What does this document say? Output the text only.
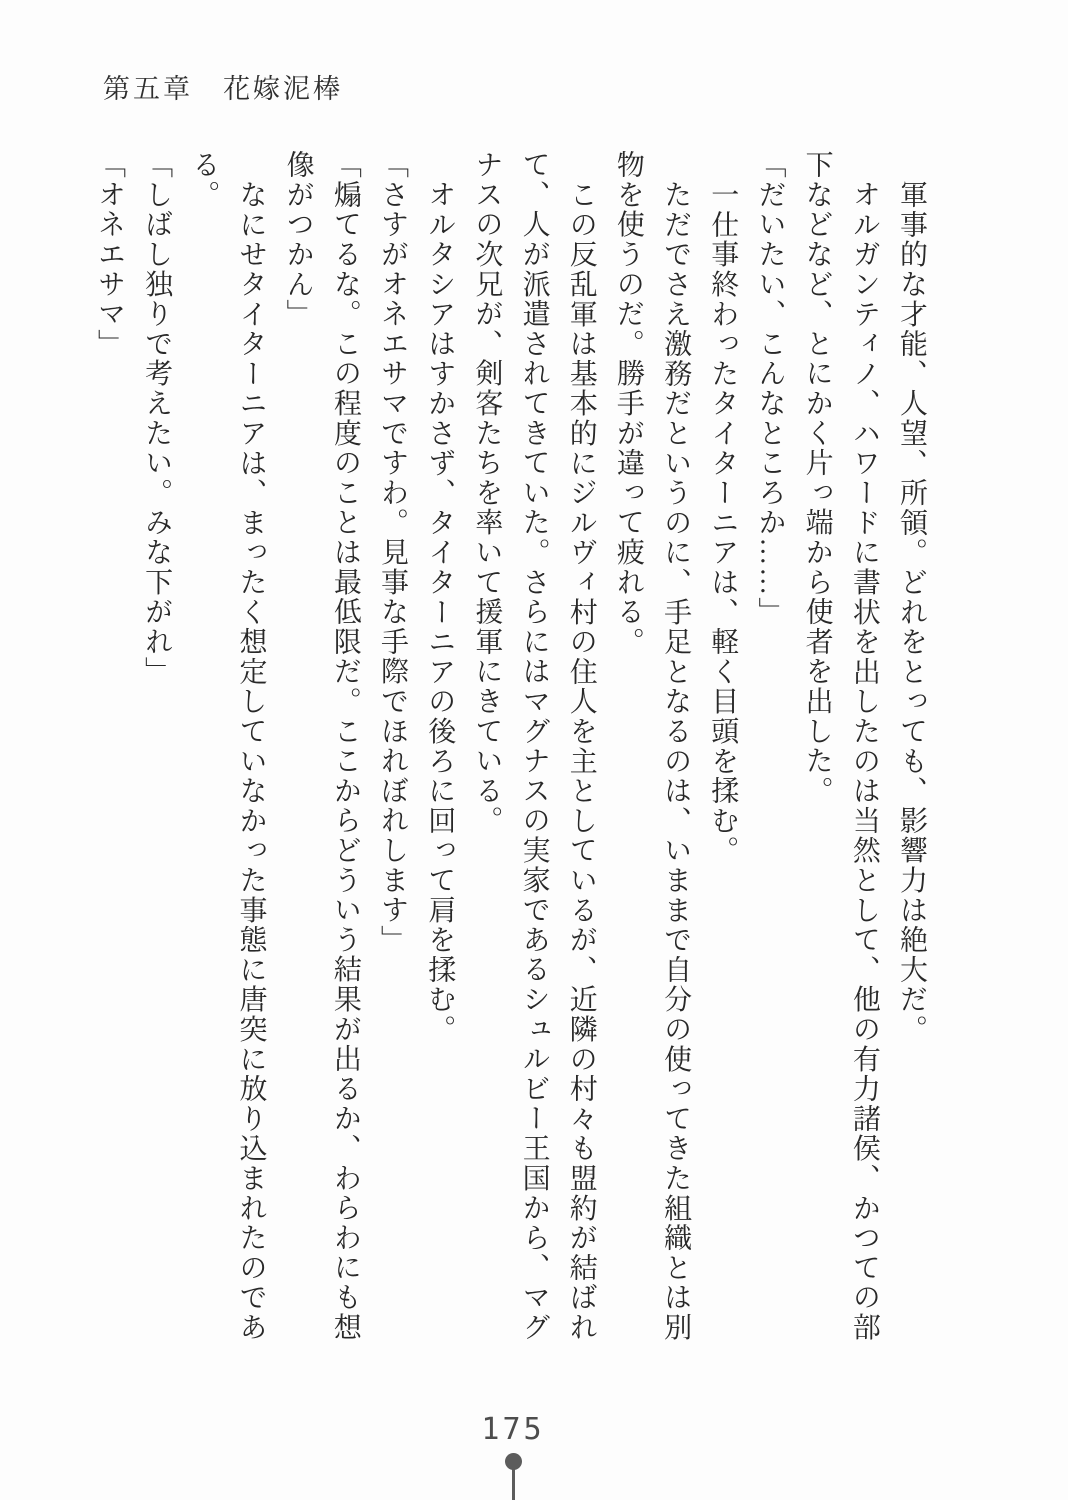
第五章　花嫁泥棒
軍事的な才能、人望、所領。どれをとっても、影響力は絶大だ。
オルガンティノ、ハワードに書状を出したのは当然として、他の有力諸侯、かつての部
下などなど、とにかく片っ端から使者を出した。
「だいたい、こんなところか……」
一仕事終わったタイターニアは、軽く目頭を揉む。
ただでさえ激務だというのに、手足となるのは、いままで自分の使ってきた組織とは別
物を使うのだ。勝手が違って疲れる。
この反乱軍は基本的にジルヴィ村の住人を主としているが、近隣の村々も盟約が結ばれ
て、人が派遣されてきていた。さらにはマグナスの実家であるシュルビー王国から、マグ
ナスの次兄が、剣客たちを率いて援軍にきている。
オルタシアはすかさず、タイターニアの後ろに回って肩を揉む。
「さすがオネエサマですわ。見事な手際でほれぼれします」
「煽てるな。この程度のことは最低限だ。ここからどういう結果が出るか、わらわにも想
像がつかん」
なにせタイターニアは、まったく想定していなかった事態に唐突に放り込まれたのであ
る。
「しばし独りで考えたい。みな下がれ」
「オネエサマ」
175
